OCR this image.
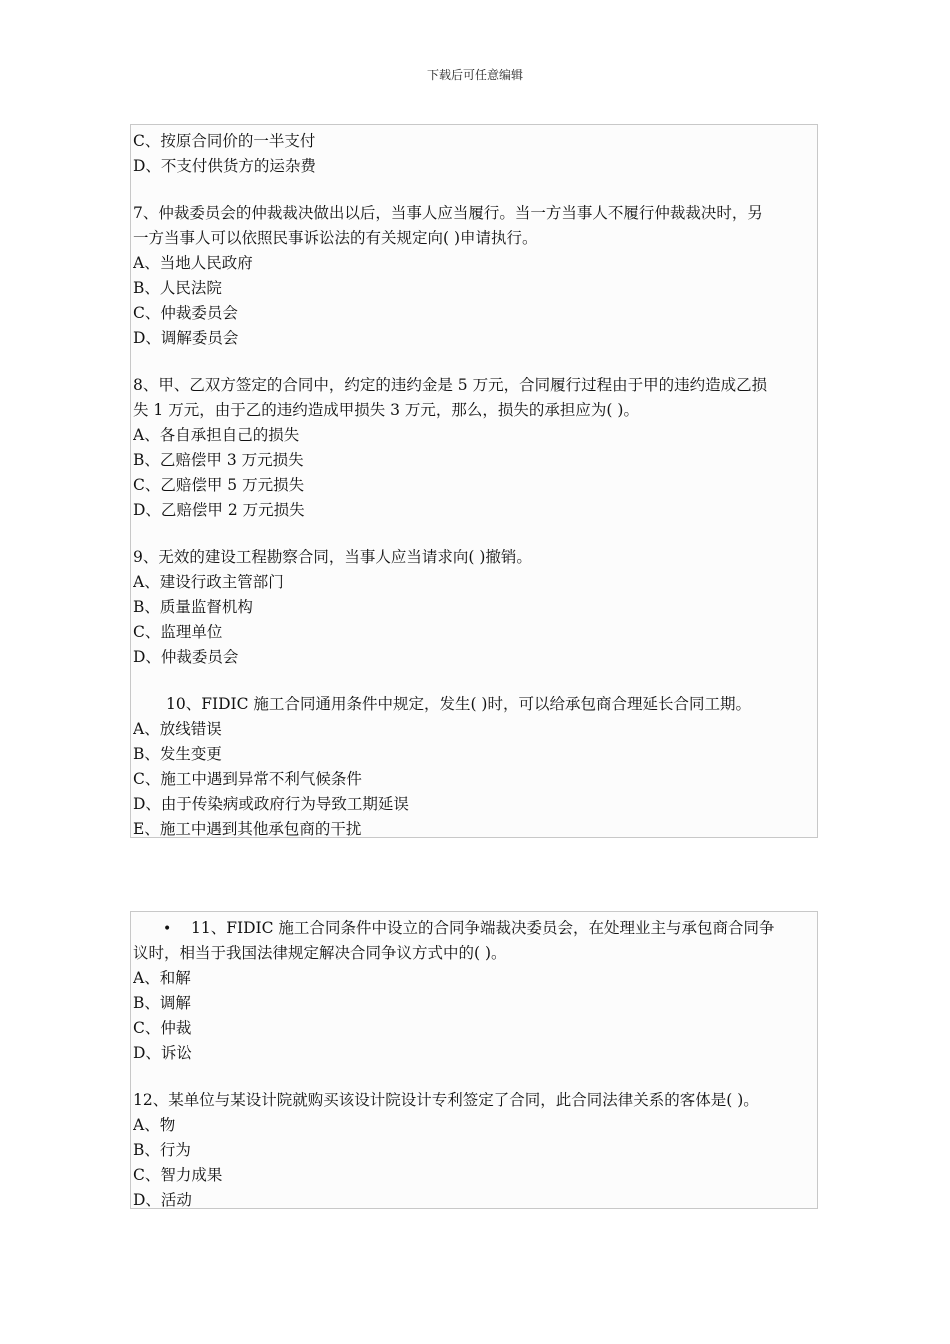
下载后可任意编辑
C、按原合同价的一半支付
D、不支付供货方的运杂费
7、仲裁委员会的仲裁裁决做出以后，当事人应当履行。当一方当事人不履行仲裁裁决时，另
一方当事人可以依照民事诉讼法的有关规定向( )申请执行。
A、当地人民政府
B、人民法院
C、仲裁委员会
D、调解委员会
8、甲、乙双方签定的合同中，约定的违约金是 5 万元，合同履行过程由于甲的违约造成乙损
失 1 万元，由于乙的违约造成甲损失 3 万元，那么，损失的承担应为( )。
A、各自承担自己的损失
B、乙赔偿甲 3 万元损失
C、乙赔偿甲 5 万元损失
D、乙赔偿甲 2 万元损失
9、无效的建设工程勘察合同，当事人应当请求向( )撤销。
A、建设行政主管部门
B、质量监督机构
C、监理单位
D、仲裁委员会
10、FIDIC 施工合同通用条件中规定，发生( )时，可以给承包商合理延长合同工期。
A、放线错误
B、发生变更
C、施工中遇到异常不利气候条件
D、由于传染病或政府行为导致工期延误
E、施工中遇到其他承包商的干扰
• 11、FIDIC 施工合同条件中设立的合同争端裁决委员会，在处理业主与承包商合同争
议时，相当于我国法律规定解决合同争议方式中的( )。
A、和解
B、调解
C、仲裁
D、诉讼
12、某单位与某设计院就购买该设计院设计专利签定了合同，此合同法律关系的客体是( )。
A、物
B、行为
C、智力成果
D、活动
